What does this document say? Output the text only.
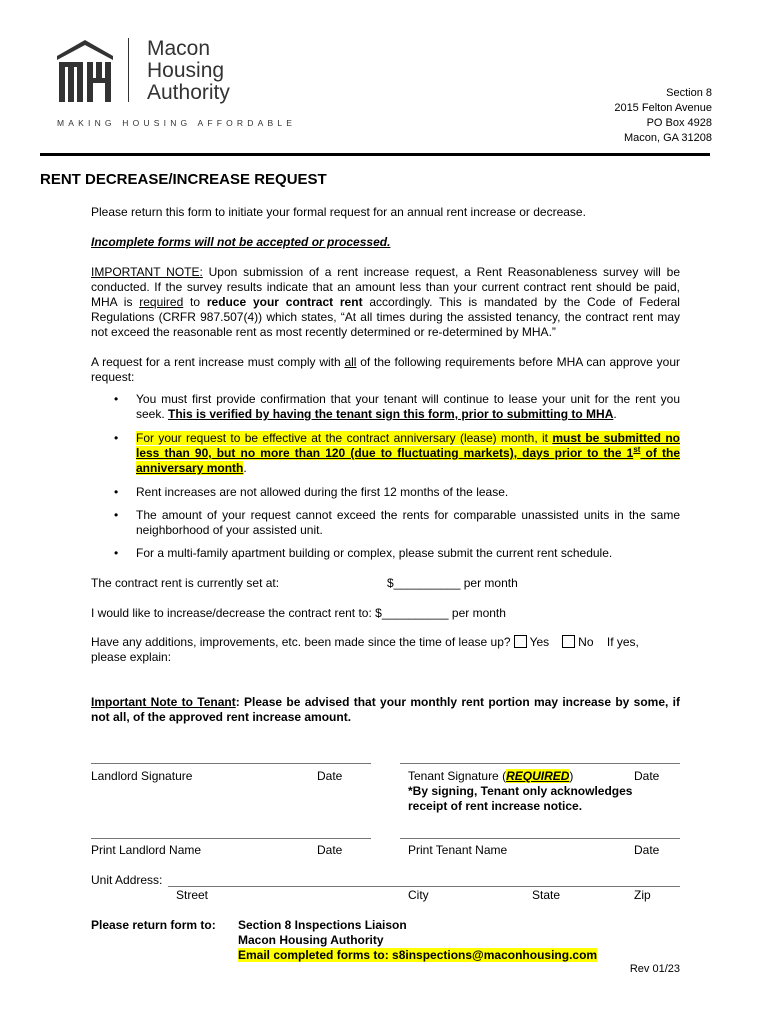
Macon
Housing
Authority
MAKING HOUSING AFFORDABLE
Section 8
2015 Felton Avenue
PO Box 4928
Macon, GA 31208
RENT DECREASE/INCREASE REQUEST
Please return this form to initiate your formal request for an annual rent increase or decrease.
Incomplete forms will not be accepted or processed.
IMPORTANT NOTE: Upon submission of a rent increase request, a Rent Reasonableness survey will be conducted. If the survey results indicate that an amount less than your current contract rent should be paid, MHA is required to reduce your contract rent accordingly. This is mandated by the Code of Federal Regulations (CRFR 987.507(4)) which states, “At all times during the assisted tenancy, the contract rent may not exceed the reasonable rent as most recently determined or re-determined by MHA.”
A request for a rent increase must comply with all of the following requirements before MHA can approve your request:
• You must first provide confirmation that your tenant will continue to lease your unit for the rent you seek. This is verified by having the tenant sign this form, prior to submitting to MHA.
• For your request to be effective at the contract anniversary (lease) month, it must be submitted no less than 90, but no more than 120 (due to fluctuating markets), days prior to the 1st of the anniversary month.
• Rent increases are not allowed during the first 12 months of the lease.
• The amount of your request cannot exceed the rents for comparable unassisted units in the same neighborhood of your assisted unit.
• For a multi-family apartment building or complex, please submit the current rent schedule.
The contract rent is currently set at:	$__________ per month
I would like to increase/decrease the contract rent to: $__________ per month
Have any additions, improvements, etc. been made since the time of lease up? Yes No If yes,
please explain:
Important Note to Tenant: Please be advised that your monthly rent portion may increase by some, if not all, of the approved rent increase amount.
Landlord Signature	Date	Tenant Signature (REQUIRED)	Date
*By signing, Tenant only acknowledges receipt of rent increase notice.
Print Landlord Name	Date	Print Tenant Name	Date
Unit Address:
Street	City	State	Zip
Please return form to: Section 8 Inspections Liaison
Macon Housing Authority
Email completed forms to: s8inspections@maconhousing.com
Rev 01/23
